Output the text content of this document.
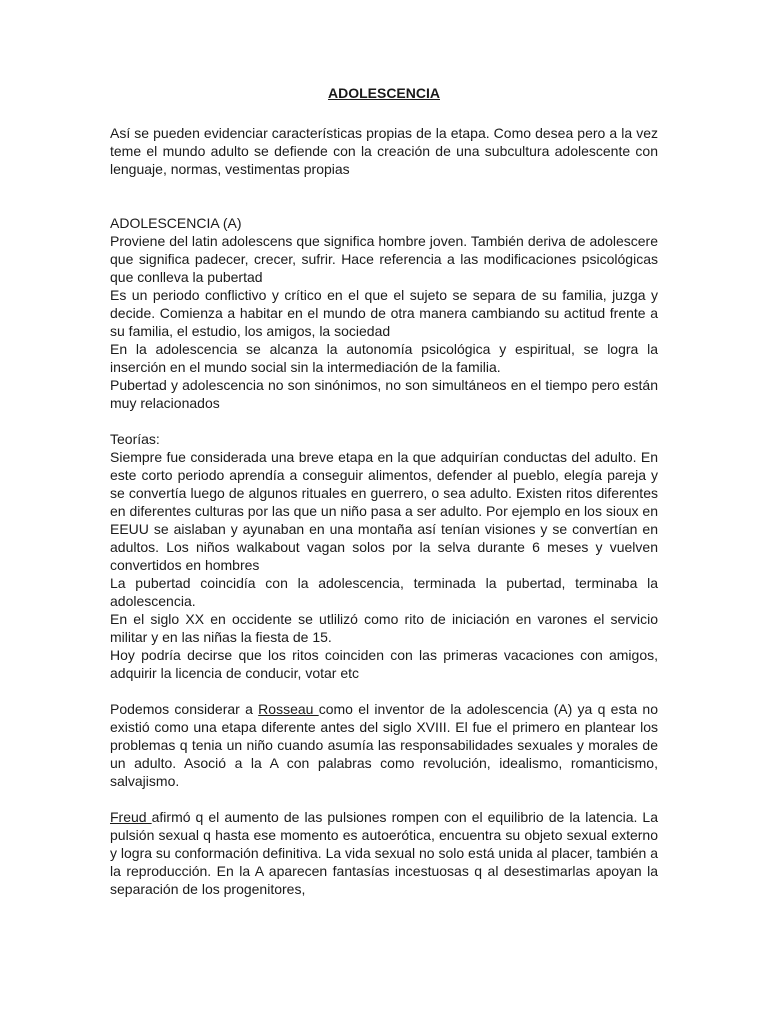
ADOLESCENCIA

Así se pueden evidenciar características propias de la etapa. Como desea pero a la vez teme el mundo adulto se defiende con la creación de una subcultura adolescente con lenguaje, normas, vestimentas propias

ADOLESCENCIA (A)

Proviene del latin adolescens que significa hombre joven. También deriva de adolescere que significa padecer, crecer, sufrir. Hace referencia a las modificaciones psicológicas que conlleva la pubertad

Es un periodo conflictivo y crítico en el que el sujeto se separa de su familia, juzga y decide. Comienza a habitar en el mundo de otra manera cambiando su actitud frente a su familia, el estudio, los amigos, la sociedad

En la adolescencia se alcanza la autonomía psicológica y espiritual, se logra la inserción en el mundo social sin la intermediación de la familia.

Pubertad y adolescencia no son sinónimos, no son simultáneos en el tiempo pero están muy relacionados

Teorías:

Siempre fue considerada una breve etapa en la que adquirían conductas del adulto. En este corto periodo aprendía a conseguir alimentos, defender al pueblo, elegía pareja y se convertía luego de algunos rituales en guerrero, o sea adulto. Existen ritos diferentes en diferentes culturas por las que un niño pasa a ser adulto. Por ejemplo en los sioux en EEUU se aislaban y ayunaban en una montaña así tenían visiones y se convertían en adultos. Los niños walkabout vagan solos por la selva durante 6 meses y vuelven convertidos en hombres

La pubertad coincidía con la adolescencia, terminada la pubertad, terminaba la adolescencia.

En el siglo XX en occidente se utlilizó como rito de iniciación en varones el servicio militar y en las niñas la fiesta de 15.

Hoy podría decirse que los ritos coinciden con las primeras vacaciones con amigos, adquirir la licencia de conducir, votar etc

Podemos considerar a Rosseau como el inventor de la adolescencia (A) ya q esta no existió como una etapa diferente antes del siglo XVIII. El fue el primero en plantear los problemas q tenia un niño cuando asumía las responsabilidades sexuales y morales de un adulto. Asoció a la A con palabras como revolución, idealismo, romanticismo, salvajismo.

Freud afirmó q el aumento de las pulsiones rompen con el equilibrio de la latencia. La pulsión sexual q hasta ese momento es autoerótica, encuentra su objeto sexual externo y logra su conformación definitiva. La vida sexual no solo está unida al placer, también a la reproducción. En la A aparecen fantasías incestuosas q al desestimarlas apoyan la separación de los progenitores,
